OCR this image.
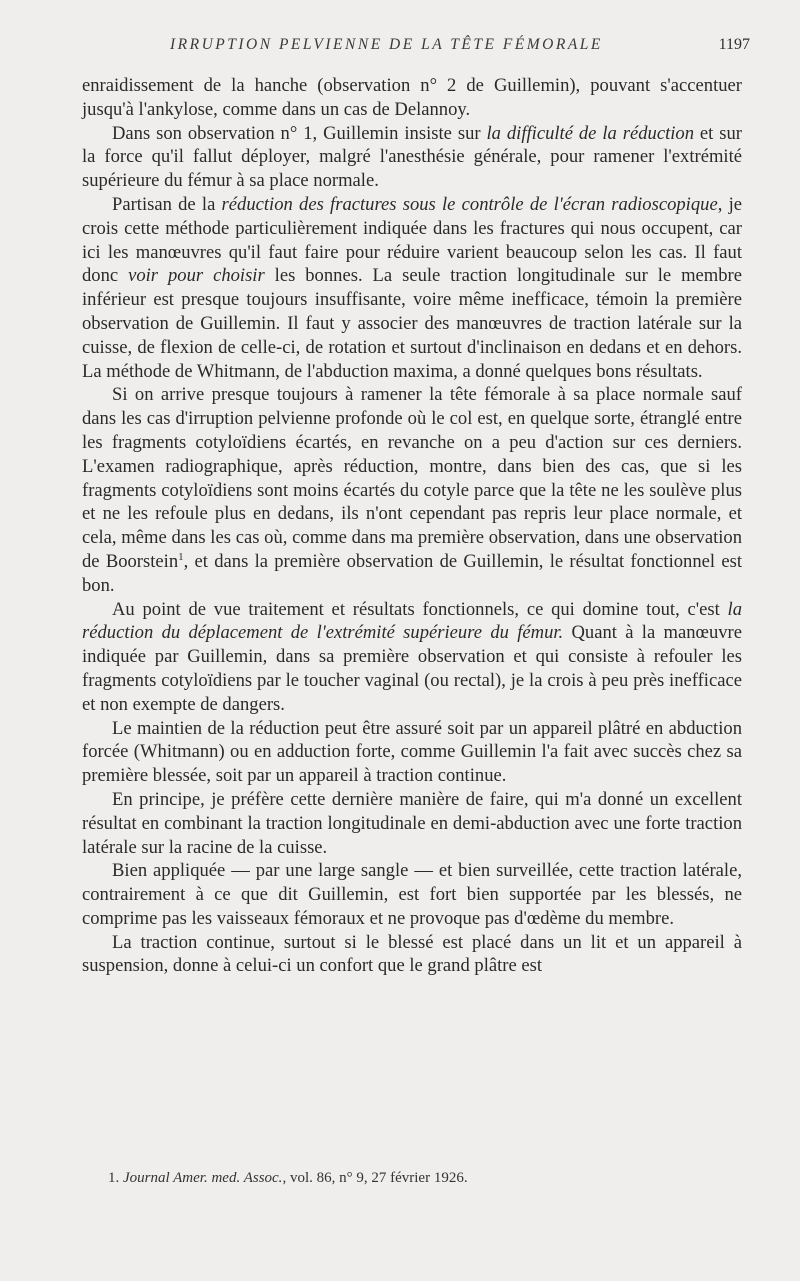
IRRUPTION PELVIENNE DE LA TÊTE FÉMORALE	1197

enraidissement de la hanche (observation n° 2 de Guillemin), pouvant s'accentuer jusqu'à l'ankylose, comme dans un cas de Delannoy.

Dans son observation n° 1, Guillemin insiste sur la difficulté de la réduction et sur la force qu'il fallut déployer, malgré l'anesthésie générale, pour ramener l'extrémité supérieure du fémur à sa place normale.

Partisan de la réduction des fractures sous le contrôle de l'écran radioscopique, je crois cette méthode particulièrement indiquée dans les fractures qui nous occupent, car ici les manœuvres qu'il faut faire pour réduire varient beaucoup selon les cas. Il faut donc voir pour choisir les bonnes. La seule traction longitudinale sur le membre inférieur est presque toujours insuffisante, voire même inefficace, témoin la première observation de Guillemin. Il faut y associer des manœuvres de traction latérale sur la cuisse, de flexion de celle-ci, de rotation et surtout d'inclinaison en dedans et en dehors. La méthode de Whitmann, de l'abduction maxima, a donné quelques bons résultats.

Si on arrive presque toujours à ramener la tête fémorale à sa place normale sauf dans les cas d'irruption pelvienne profonde où le col est, en quelque sorte, étranglé entre les fragments cotyloïdiens écartés, en revanche on a peu d'action sur ces derniers. L'examen radiographique, après réduction, montre, dans bien des cas, que si les fragments cotyloïdiens sont moins écartés du cotyle parce que la tête ne les soulève plus et ne les refoule plus en dedans, ils n'ont cependant pas repris leur place normale, et cela, même dans les cas où, comme dans ma première observation, dans une observation de Boorstein$^1$, et dans la première observation de Guillemin, le résultat fonctionnel est bon.

Au point de vue traitement et résultats fonctionnels, ce qui domine tout, c'est la réduction du déplacement de l'extrémité supérieure du fémur. Quant à la manœuvre indiquée par Guillemin, dans sa première observation et qui consiste à refouler les fragments cotyloïdiens par le toucher vaginal (ou rectal), je la crois à peu près inefficace et non exempte de dangers.

Le maintien de la réduction peut être assuré soit par un appareil plâtré en abduction forcée (Whitmann) ou en adduction forte, comme Guillemin l'a fait avec succès chez sa première blessée, soit par un appareil à traction continue.

En principe, je préfère cette dernière manière de faire, qui m'a donné un excellent résultat en combinant la traction longitudinale en demi-abduction avec une forte traction latérale sur la racine de la cuisse.

Bien appliquée — par une large sangle — et bien surveillée, cette traction latérale, contrairement à ce que dit Guillemin, est fort bien supportée par les blessés, ne comprime pas les vaisseaux fémoraux et ne provoque pas d'œdème du membre.

La traction continue, surtout si le blessé est placé dans un lit et un appareil à suspension, donne à celui-ci un confort que le grand plâtre est

1. Journal Amer. med. Assoc., vol. 86, n° 9, 27 février 1926.
